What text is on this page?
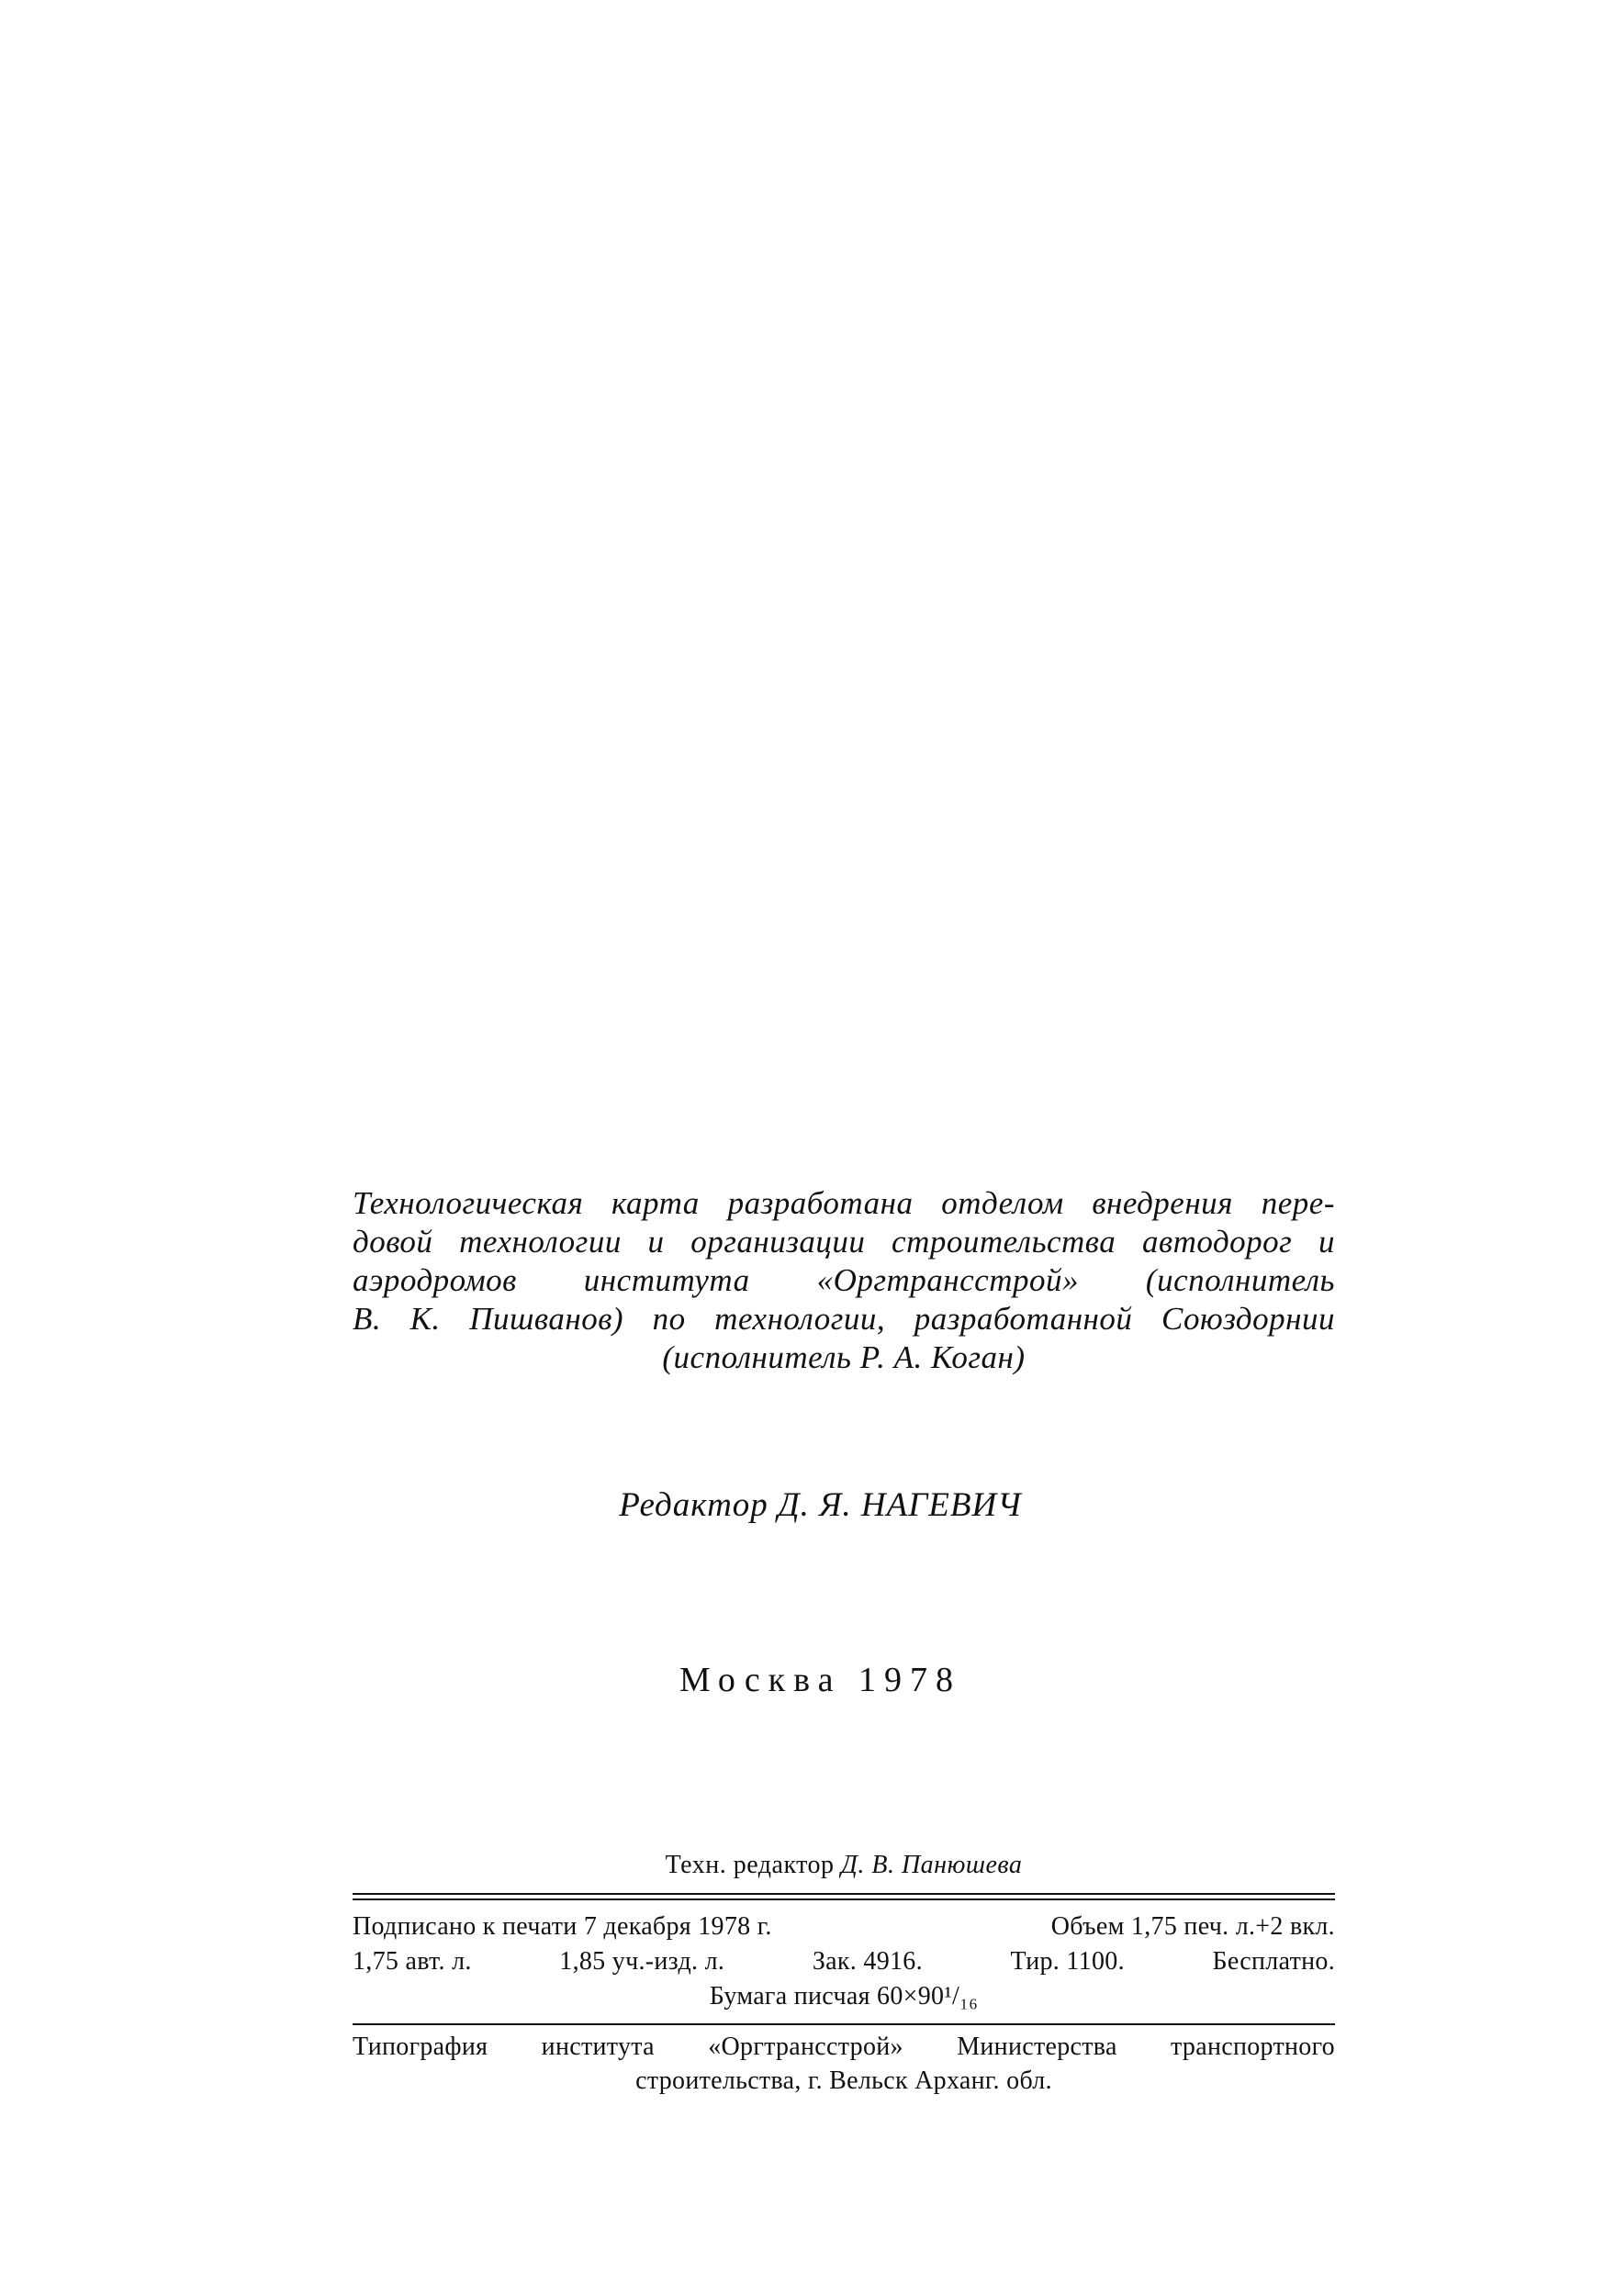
Технологическая карта разработана отделом внедрения пере-
довой технологии и организации строительства автодорог и
аэродромов института «Оргтрансстрой» (исполнитель
В. К. Пишванов) по технологии, разработанной Союздорнии
(исполнитель Р. А. Коган)
Редактор Д. Я. НАГЕВИЧ
Москва 1978
Техн. редактор Д. В. Панюшева
Подписано к печати 7 декабря 1978 г.	Объем 1,75 печ. л.+2 вкл.
1,75 авт. л.	1,85 уч.-изд. л.	Зак. 4916.	Тир. 1100.	Бесплатно.
Бумага писчая 60×90¹/₁₆
Типография института «Оргтрансстрой» Министерства транспортного
строительства, г. Вельск Арханг. обл.
